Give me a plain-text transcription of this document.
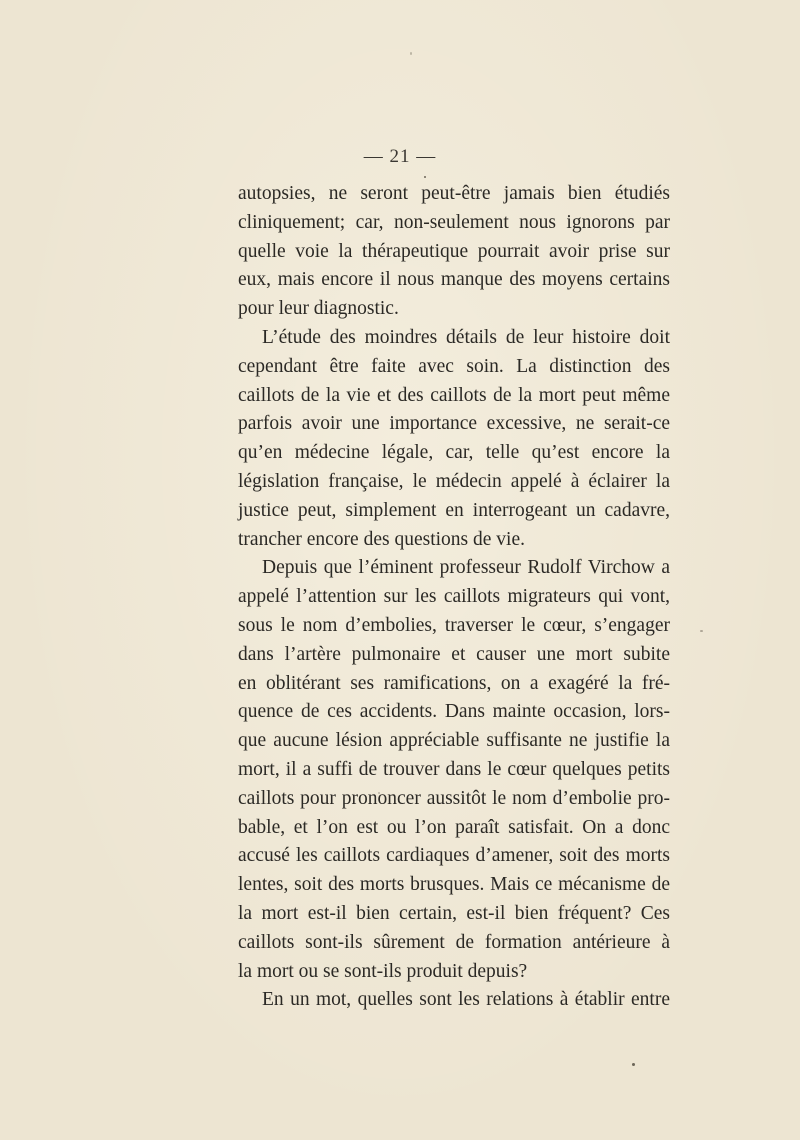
— 21 —
autopsies, ne seront peut-être jamais bien étudiés
cliniquement; car, non-seulement nous ignorons par
quelle voie la thérapeutique pourrait avoir prise sur
eux, mais encore il nous manque des moyens certains
pour leur diagnostic.
L’étude des moindres détails de leur histoire doit
cependant être faite avec soin. La distinction des
caillots de la vie et des caillots de la mort peut même
parfois avoir une importance excessive, ne serait-ce
qu’en médecine légale, car, telle qu’est encore la
législation française, le médecin appelé à éclairer la
justice peut, simplement en interrogeant un cadavre,
trancher encore des questions de vie.
Depuis que l’éminent professeur Rudolf Virchow a
appelé l’attention sur les caillots migrateurs qui vont,
sous le nom d’embolies, traverser le cœur, s’engager
dans l’artère pulmonaire et causer une mort subite
en oblitérant ses ramifications, on a exagéré la fré-
quence de ces accidents. Dans mainte occasion, lors-
que aucune lésion appréciable suffisante ne justifie la
mort, il a suffi de trouver dans le cœur quelques petits
caillots pour prononcer aussitôt le nom d’embolie pro-
bable, et l’on est ou l’on paraît satisfait. On a donc
accusé les caillots cardiaques d’amener, soit des morts
lentes, soit des morts brusques. Mais ce mécanisme de
la mort est-il bien certain, est-il bien fréquent? Ces
caillots sont-ils sûrement de formation antérieure à
la mort ou se sont-ils produit depuis?
En un mot, quelles sont les relations à établir entre
